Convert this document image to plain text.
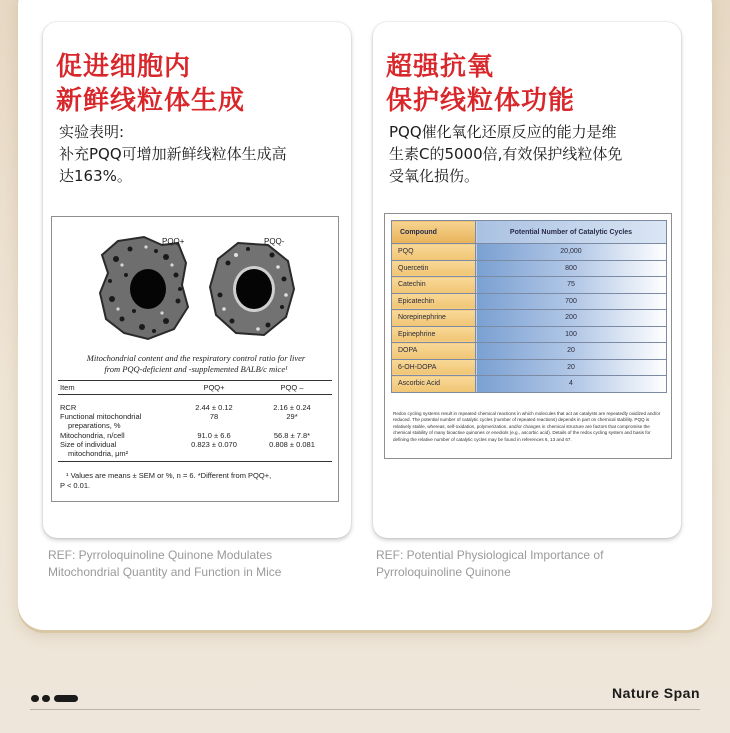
促进细胞内
新鲜线粒体生成
实验表明:
补充PQQ可增加新鲜线粒体生成高
达163%。
PQQ+	PQQ-
Mitochondrial content and the respiratory control ratio for liver
from PQQ-deficient and -supplemented BALB/c mice¹
Item	PQQ+	PQQ –
RCR	2.44 ± 0.12	2.16 ± 0.24
Functional mitochondrial	78	29*
preparations, %
Mitochondria, n/cell	91.0 ± 6.6	56.8 ± 7.8*
Size of individual	0.823 ± 0.070	0.808 ± 0.081
mitochondria, μm²
¹ Values are means ± SEM or %, n = 6. *Different from PQQ+,
P < 0.01.
超强抗氧
保护线粒体功能
PQQ催化氧化还原反应的能力是维
生素C的5000倍,有效保护线粒体免
受氧化损伤。
Compound	Potential Number of Catalytic Cycles
PQQ	20,000
Quercetin	800
Catechin	75
Epicatechin	700
Norepinephrine	200
Epinephrine	100
DOPA	20
6-OH-DOPA	20
Ascorbic Acid	4
Redox cycling systems result in repeated chemical reactions in which molecules that act as catalysts are repeatedly oxidized and/or reduced. The potential number of catalytic cycles (number of repeated reactions) depends in part on chemical stability. PQQ is relatively stable, whereas, self-oxidation, polymerization, and/or changes in chemical structure are factors that compromise the chemical stability of many bioactive quinones or enediols (e.g., ascorbic acid). Details of the redox cycling system and basis for defining the relative number of catalytic cycles may be found in references 6, 13 and 67.
REF: Pyrroloquinoline Quinone Modulates
Mitochondrial Quantity and Function in Mice
REF: Potential Physiological Importance of
Pyrroloquinoline Quinone
Nature Span
